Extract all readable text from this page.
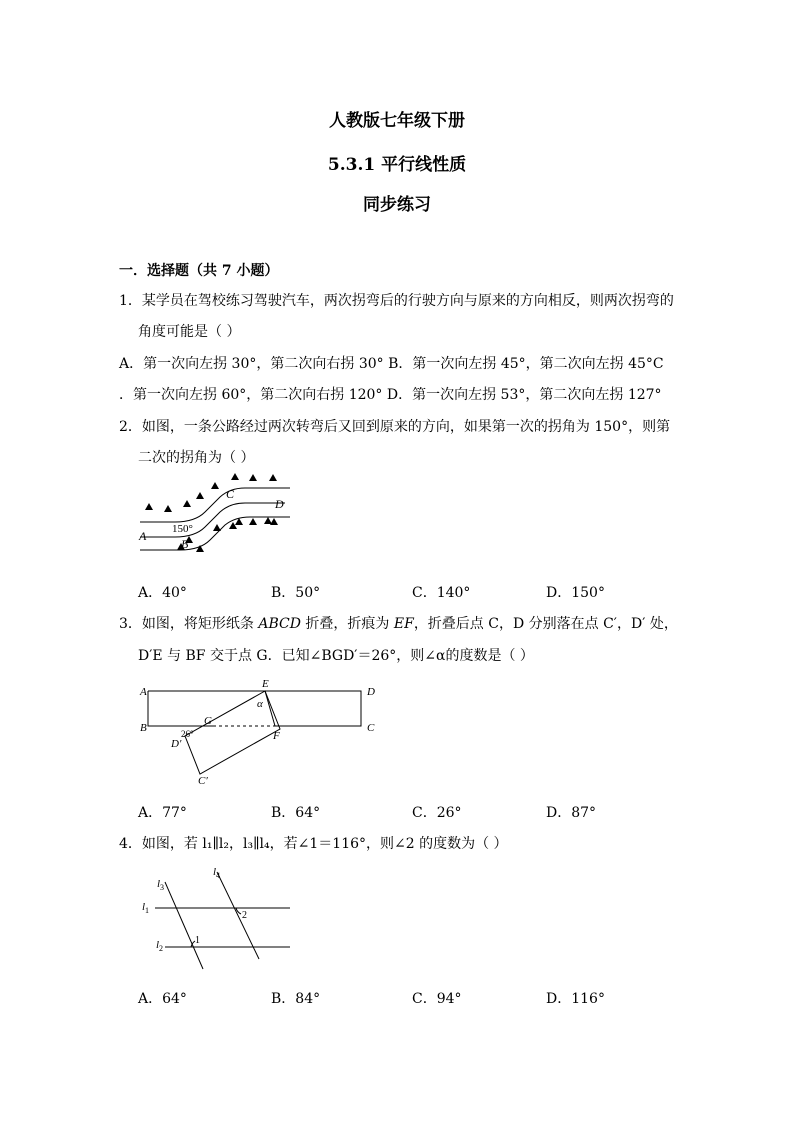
人教版七年级下册
5.3.1 平行线性质
同步练习
一．选择题（共 7 小题）
1．某学员在驾校练习驾驶汽车，两次拐弯后的行驶方向与原来的方向相反，则两次拐弯的
角度可能是（ ）
A．第一次向左拐 30°，第二次向右拐 30° B．第一次向左拐 45°，第二次向左拐 45°C
．第一次向左拐 60°，第二次向右拐 120° D．第一次向左拐 53°，第二次向左拐 127°
2．如图，一条公路经过两次转弯后又回到原来的方向，如果第一次的拐角为 150°，则第
二次的拐角为（ ）
C
D
A
B
150°
A．40°	B．50°	C．140°	D．150°
3．如图，将矩形纸条 ABCD 折叠，折痕为 EF，折叠后点 C，D 分别落在点 C′，D′ 处，
D′E 与 BF 交于点 G．已知∠BGD′＝26°，则∠α的度数是（ ）
A
B
D
C
E
F
G
D′
C′
α
26°
A．77°	B．64°	C．26°	D．87°
4．如图，若 l₁∥l₂，l₃∥l₄，若∠1＝116°，则∠2 的度数为（ ）
l 3
l 4
l 1
l 2
1
2
A．64°	B．84°	C．94°	D．116°
